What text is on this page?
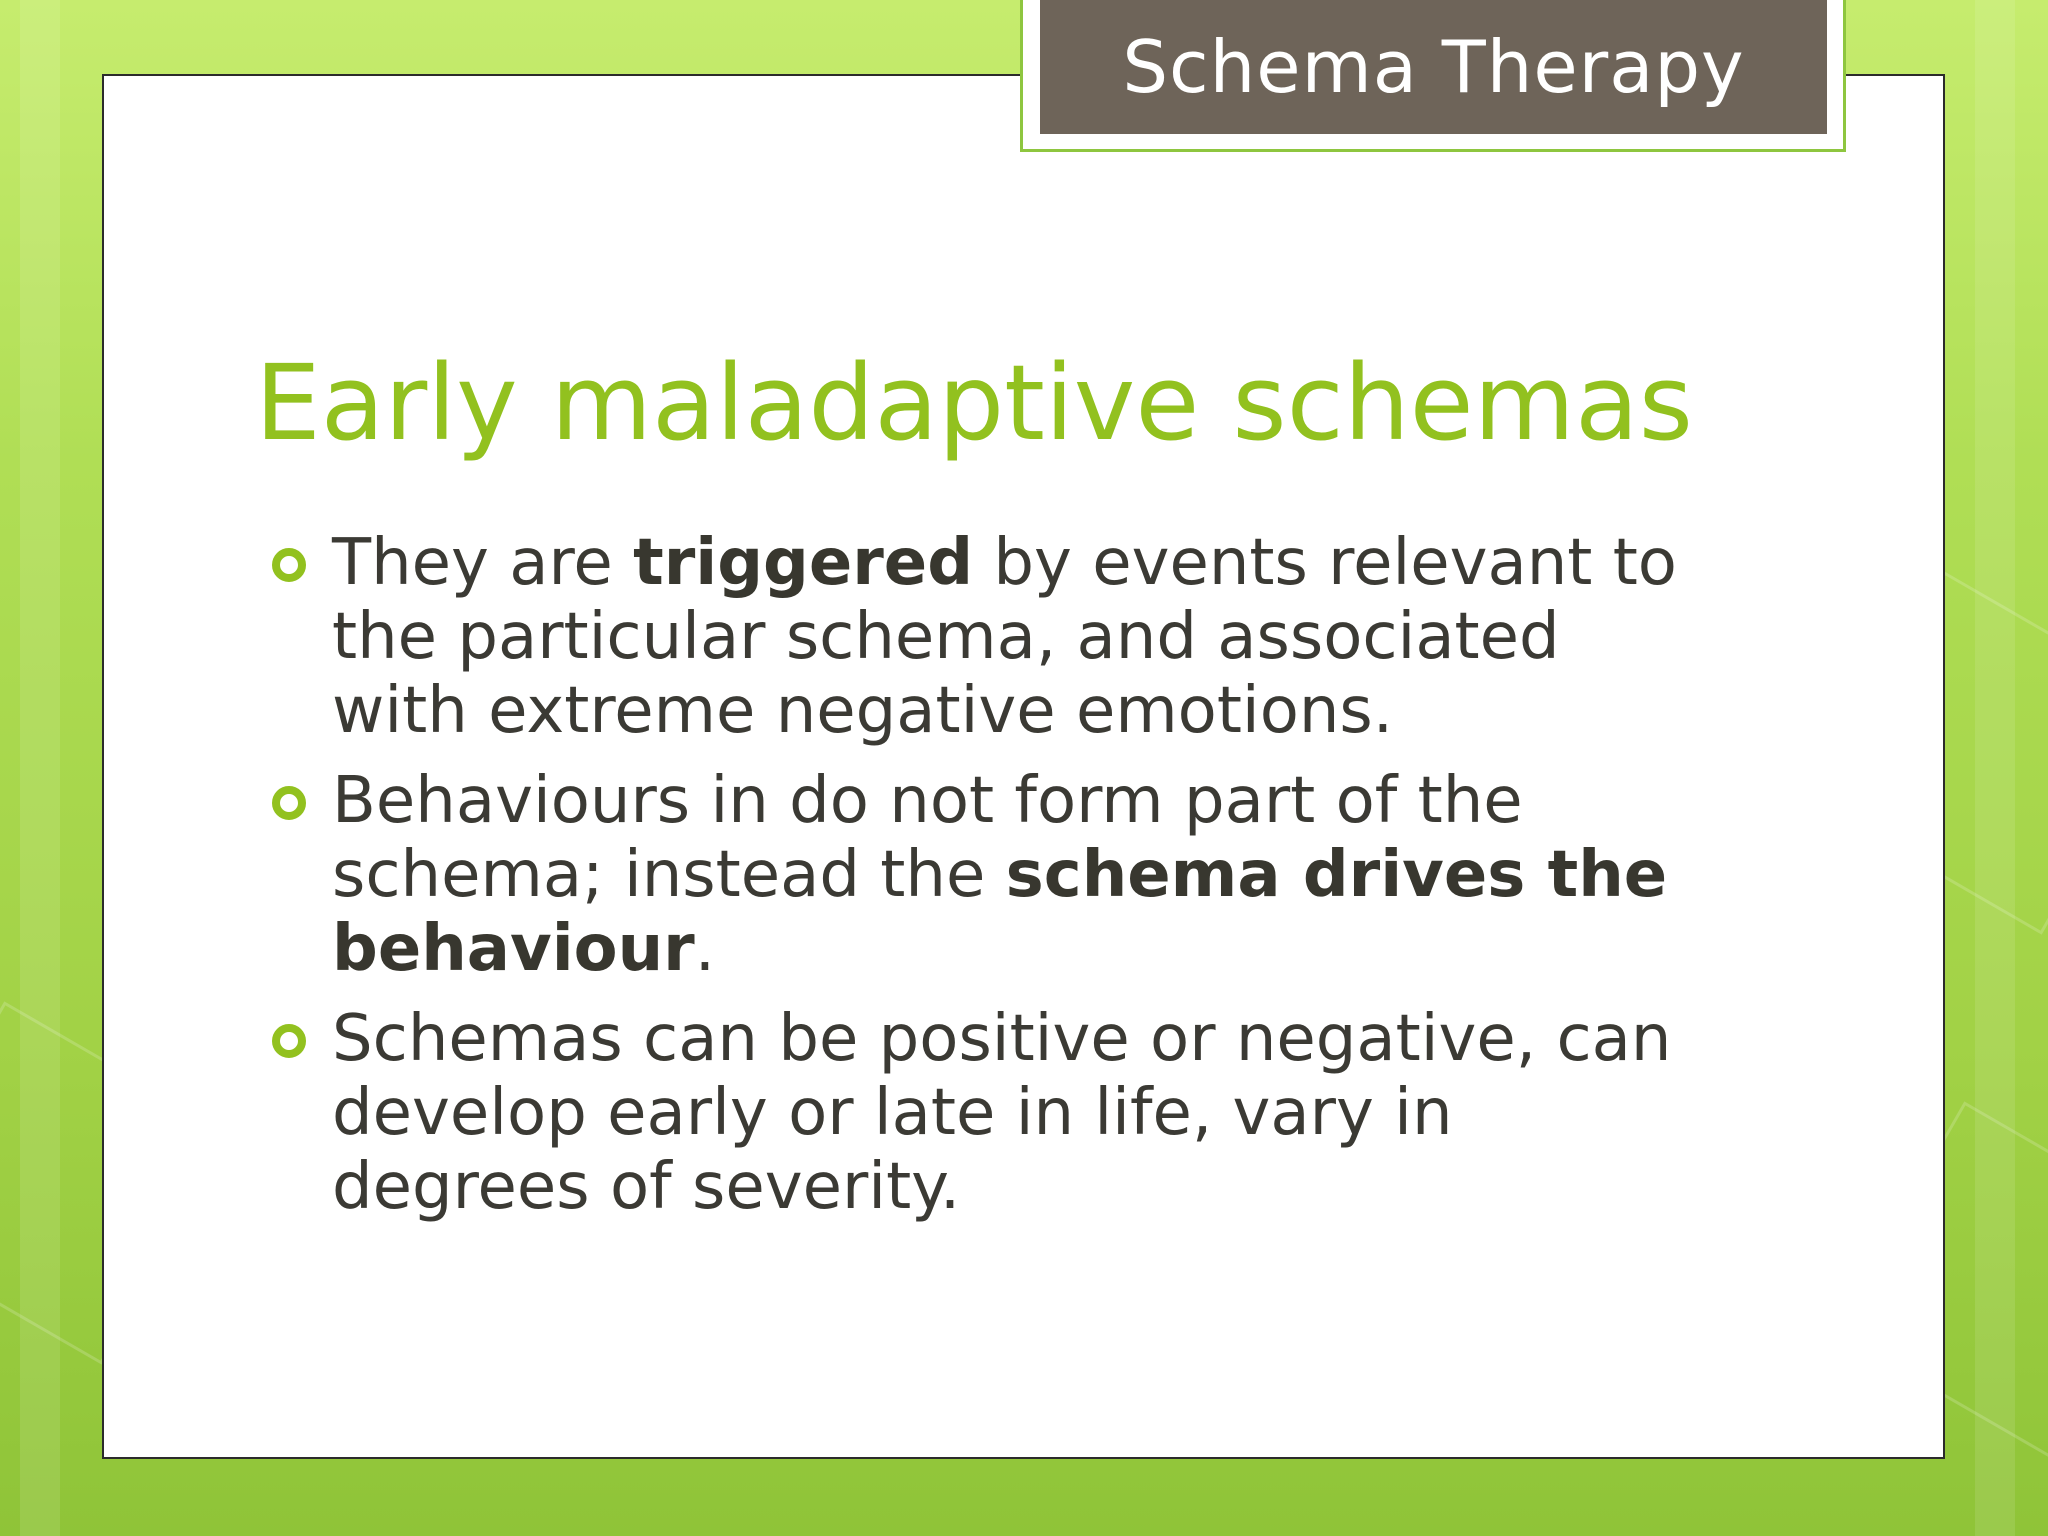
Schema Therapy
Early maladaptive schemas
They are triggered by events relevant to the particular schema, and associated with extreme negative emotions.
Behaviours in do not form part of the schema; instead the schema drives the behaviour.
Schemas can be positive or negative, can develop early or late in life, vary in degrees of severity.
